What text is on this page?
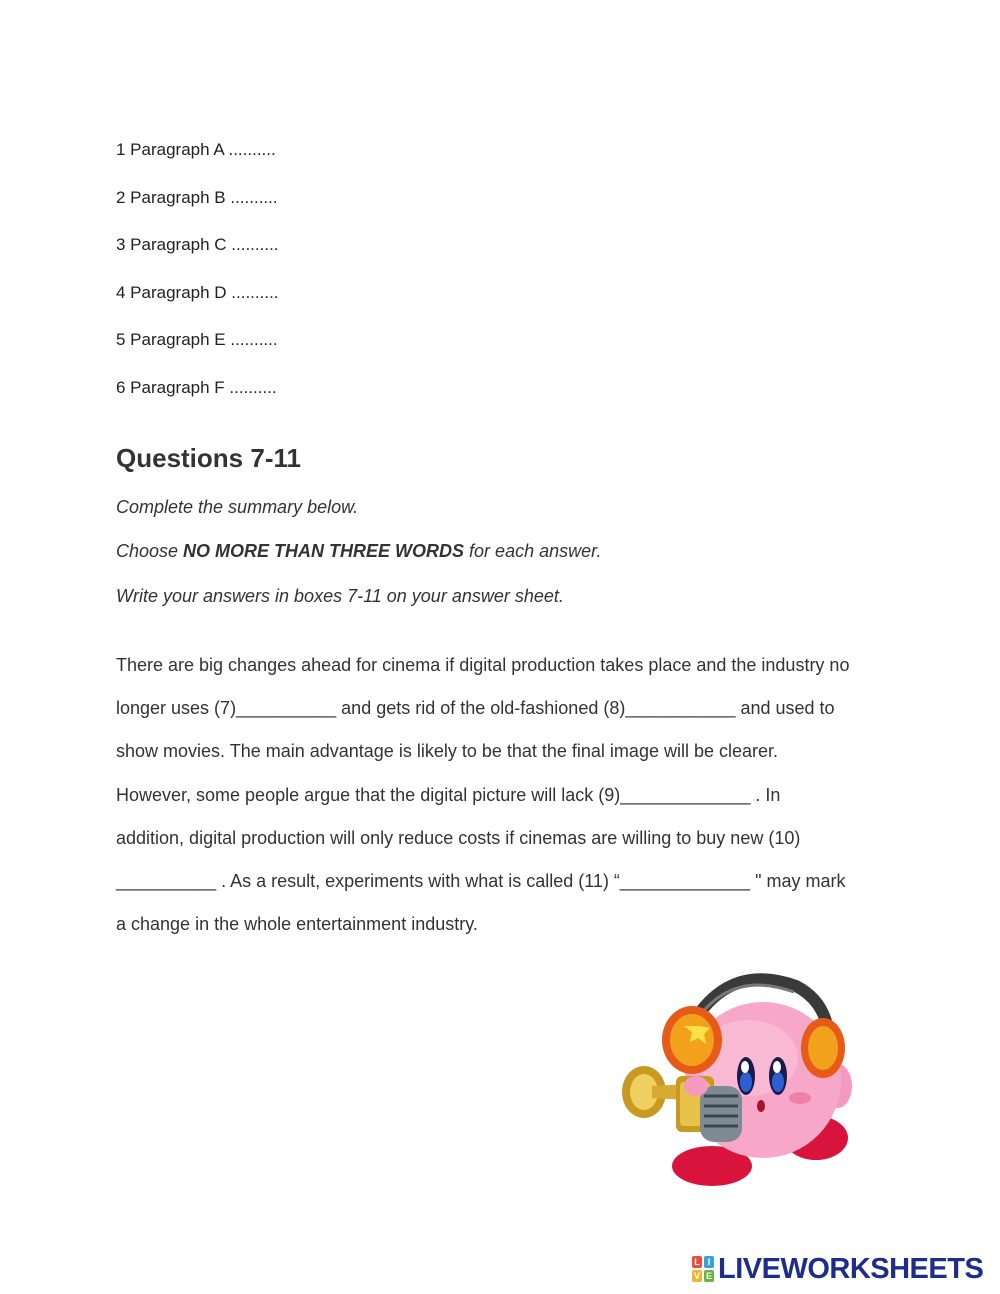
1 Paragraph A ..........
2 Paragraph B ..........
3 Paragraph C ..........
4 Paragraph D ..........
5 Paragraph E ..........
6 Paragraph F ..........
Questions 7-11

Complete the summary below.

Choose NO MORE THAN THREE WORDS for each answer.

Write your answers in boxes 7-11 on your answer sheet.

There are big changes ahead for cinema if digital production takes place and the industry no
longer uses (7)__________ and gets rid of the old-fashioned (8)___________ and used to
show movies. The main advantage is likely to be that the final image will be clearer.
However, some people argue that the digital picture will lack (9)_____________ . In
addition, digital production will only reduce costs if cinemas are willing to buy new (10)
__________ . As a result, experiments with what is called (11) “_____________ " may mark
a change in the whole entertainment industry.
L I
V E LIVEWORKSHEETS
